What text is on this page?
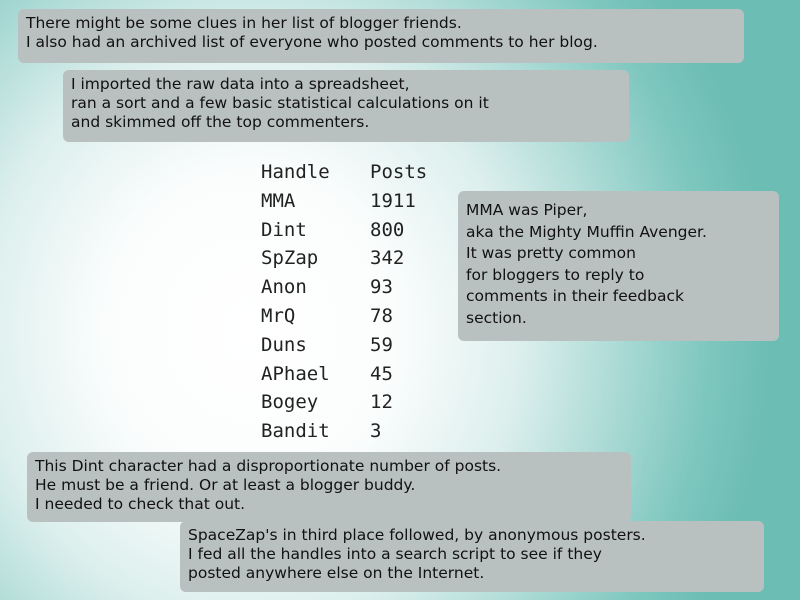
There might be some clues in her list of blogger friends.
I also had an archived list of everyone who posted comments to her blog.
I imported the raw data into a spreadsheet,
ran a sort and a few basic statistical calculations on it
and skimmed off the top commenters.
Handle	Posts
MMA	1911
Dint	800
SpZap	342
Anon	93
MrQ	78
Duns	59
APhael	45
Bogey	12
Bandit	3
MMA was Piper,
aka the Mighty Muffin Avenger.
It was pretty common
for bloggers to reply to
comments in their feedback
section.
This Dint character had a disproportionate number of posts.
He must be a friend. Or at least a blogger buddy.
I needed to check that out.
SpaceZap's in third place followed, by anonymous posters.
I fed all the handles into a search script to see if they
posted anywhere else on the Internet.
